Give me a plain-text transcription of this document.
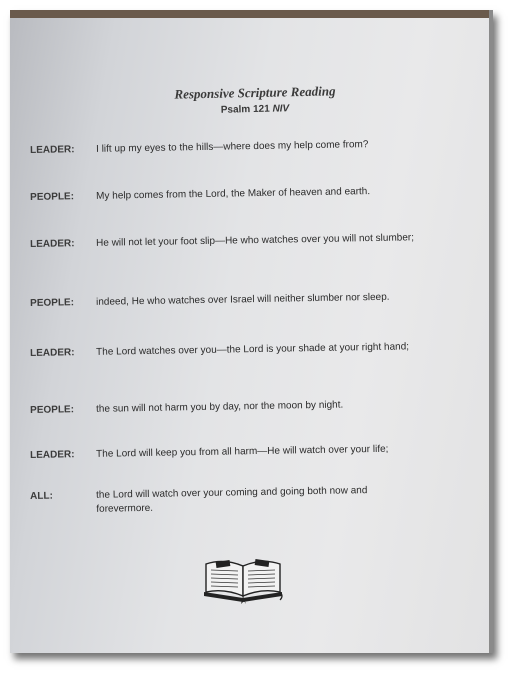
Responsive Scripture Reading
Psalm 121 NIV
LEADER:	I lift up my eyes to the hills—where does my help come from?
PEOPLE:	My help comes from the Lord, the Maker of heaven and earth.
LEADER:	He will not let your foot slip—He who watches over you will not slumber;
PEOPLE:	indeed, He who watches over Israel will neither slumber nor sleep.
LEADER:	The Lord watches over you—the Lord is your shade at your right hand;
PEOPLE:	the sun will not harm you by day, nor the moon by night.
LEADER:	The Lord will keep you from all harm—He will watch over your life;
ALL:	the Lord will watch over your coming and going both now and forevermore.
